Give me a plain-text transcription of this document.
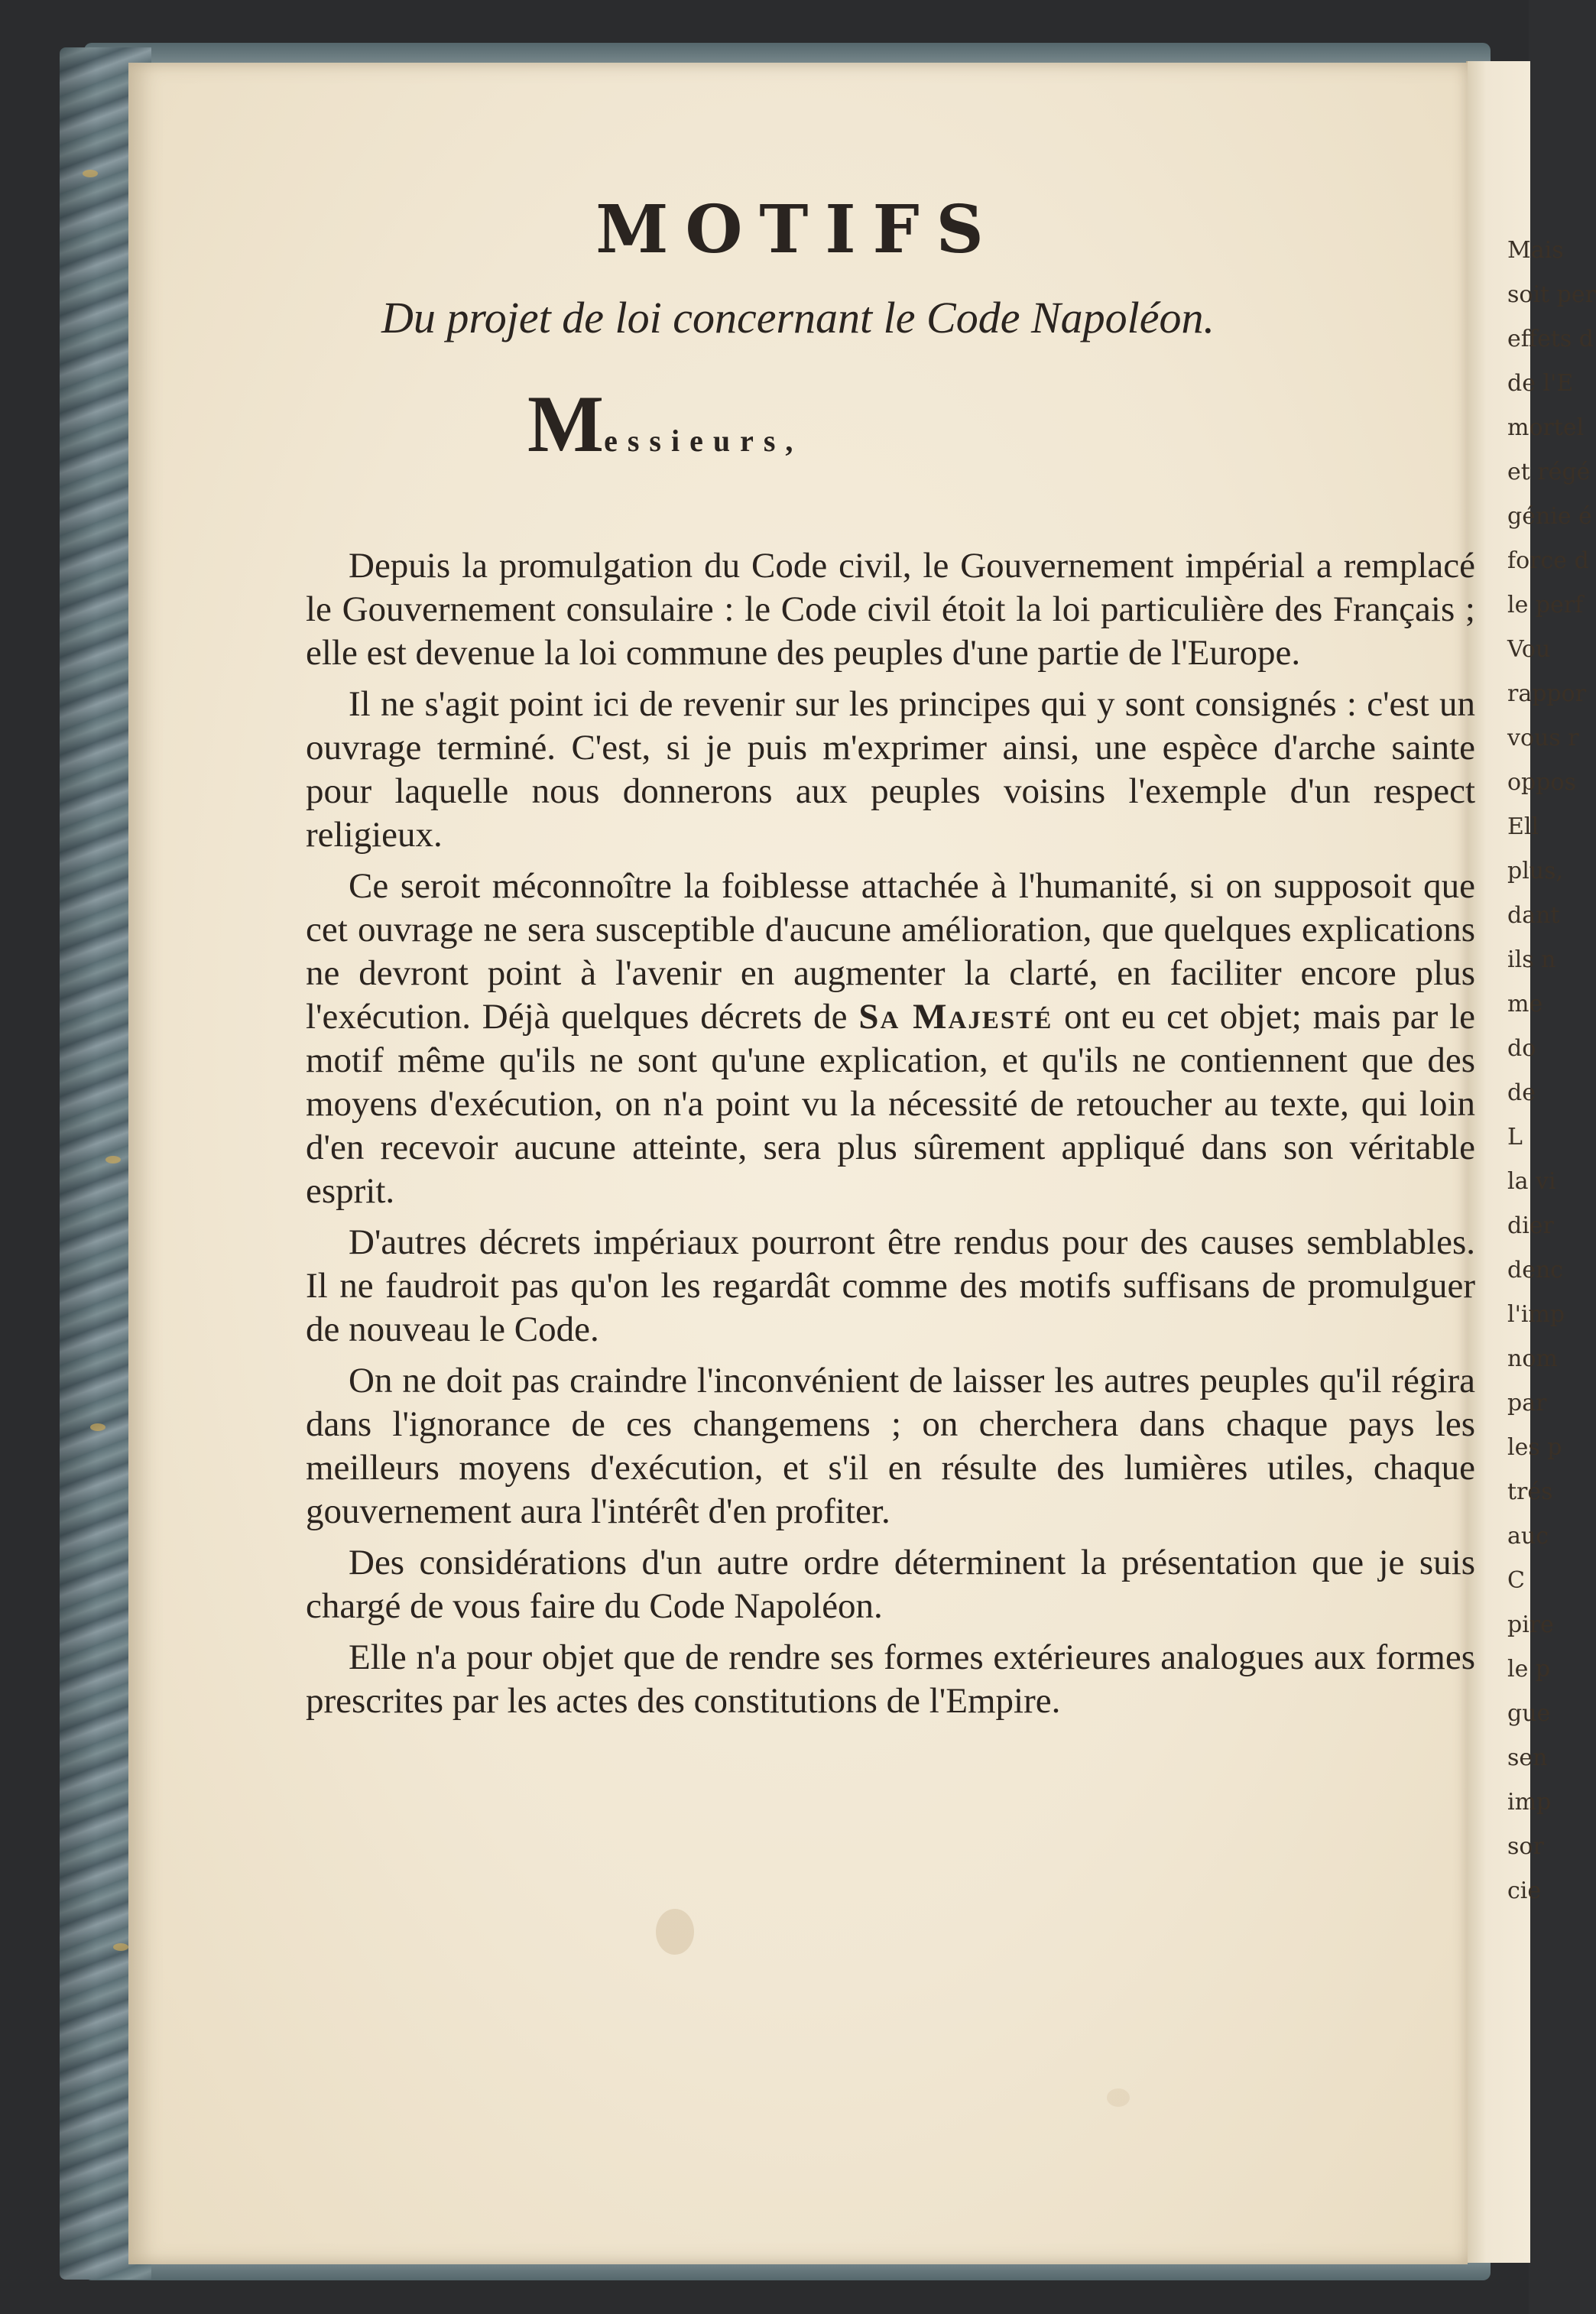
Mais
soit per
effets d
de l'E
mortel
et régé
génie é
force d
le perf
Vou
rappor
vous r
oppos
Ell
plus,
dant
ils n
me
do
de
L
la vi
dier
denc
l'imp
nom
par
les p
trés
auc
C
pire
le p
gue
sen
imp
sor
cie
MOTIFS
Du projet de loi concernant le Code Napoléon.
Messieurs,

Depuis la promulgation du Code civil, le Gouvernement impérial a remplacé le Gouvernement consulaire : le Code civil étoit la loi particulière des Français ; elle est devenue la loi commune des peuples d'une partie de l'Europe.

Il ne s'agit point ici de revenir sur les principes qui y sont consignés : c'est un ouvrage terminé. C'est, si je puis m'exprimer ainsi, une espèce d'arche sainte pour laquelle nous donnerons aux peuples voisins l'exemple d'un respect religieux.

Ce seroit méconnoître la foiblesse attachée à l'humanité, si on supposoit que cet ouvrage ne sera susceptible d'aucune amélioration, que quelques explications ne devront point à l'avenir en augmenter la clarté, en faciliter encore plus l'exécution. Déjà quelques décrets de Sa Majesté ont eu cet objet; mais par le motif même qu'ils ne sont qu'une explication, et qu'ils ne contiennent que des moyens d'exécution, on n'a point vu la nécessité de retoucher au texte, qui loin d'en recevoir aucune atteinte, sera plus sûrement appliqué dans son véritable esprit.

D'autres décrets impériaux pourront être rendus pour des causes semblables. Il ne faudroit pas qu'on les regardât comme des motifs suffisans de promulguer de nouveau le Code.

On ne doit pas craindre l'inconvénient de laisser les autres peuples qu'il régira dans l'ignorance de ces changemens ; on cherchera dans chaque pays les meilleurs moyens d'exécution, et s'il en résulte des lumières utiles, chaque gouvernement aura l'intérêt d'en profiter.

Des considérations d'un autre ordre déterminent la présentation que je suis chargé de vous faire du Code Napoléon.

Elle n'a pour objet que de rendre ses formes extérieures analogues aux formes prescrites par les actes des constitutions de l'Empire.
